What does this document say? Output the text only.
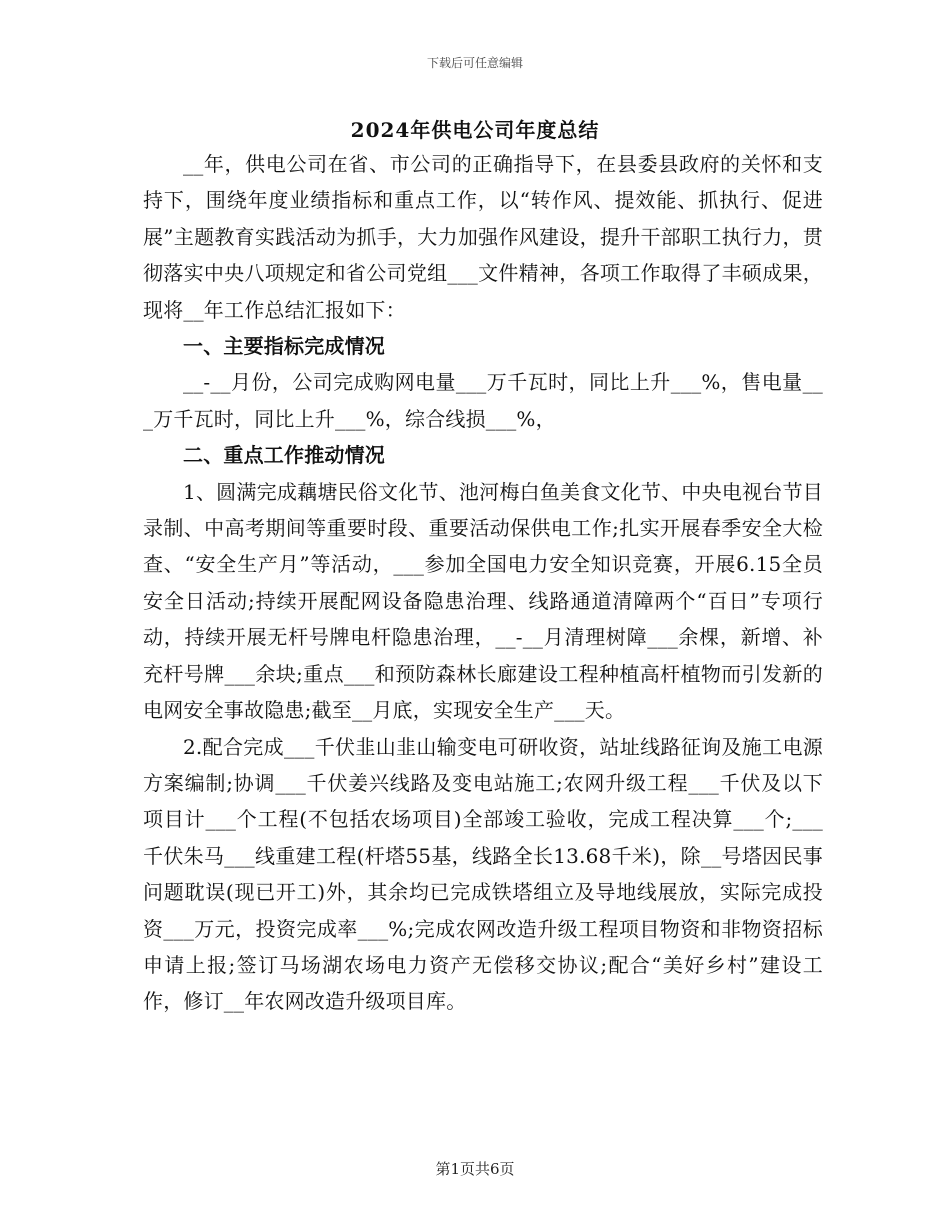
下载后可任意编辑
2024年供电公司年度总结

__年，供电公司在省、市公司的正确指导下，在县委县政府的关怀和支持下，围绕年度业绩指标和重点工作，以“转作风、提效能、抓执行、促进展”主题教育实践活动为抓手，大力加强作风建设，提升干部职工执行力，贯彻落实中央八项规定和省公司党组___文件精神，各项工作取得了丰硕成果，现将__年工作总结汇报如下：

一、主要指标完成情况

__-__月份，公司完成购网电量___万千瓦时，同比上升___%，售电量___万千瓦时，同比上升___%，综合线损___%，

二、重点工作推动情况

1、圆满完成藕塘民俗文化节、池河梅白鱼美食文化节、中央电视台节目录制、中高考期间等重要时段、重要活动保供电工作;扎实开展春季安全大检查、“安全生产月”等活动，___参加全国电力安全知识竞赛，开展6.15全员安全日活动;持续开展配网设备隐患治理、线路通道清障两个“百日”专项行动，持续开展无杆号牌电杆隐患治理，__-__月清理树障___余棵，新增、补充杆号牌___余块;重点___和预防森林长廊建设工程种植高杆植物而引发新的电网安全事故隐患;截至__月底，实现安全生产___天。

2.配合完成___千伏韭山韭山输变电可研收资，站址线路征询及施工电源方案编制;协调___千伏姜兴线路及变电站施工;农网升级工程___千伏及以下项目计___个工程(不包括农场项目)全部竣工验收，完成工程决算___个;___千伏朱马___线重建工程(杆塔55基，线路全长13.68千米)，除__号塔因民事问题耽误(现已开工)外，其余均已完成铁塔组立及导地线展放，实际完成投资___万元，投资完成率___%;完成农网改造升级工程项目物资和非物资招标申请上报;签订马场湖农场电力资产无偿移交协议;配合“美好乡村”建设工作，修订__年农网改造升级项目库。

第1页共6页
